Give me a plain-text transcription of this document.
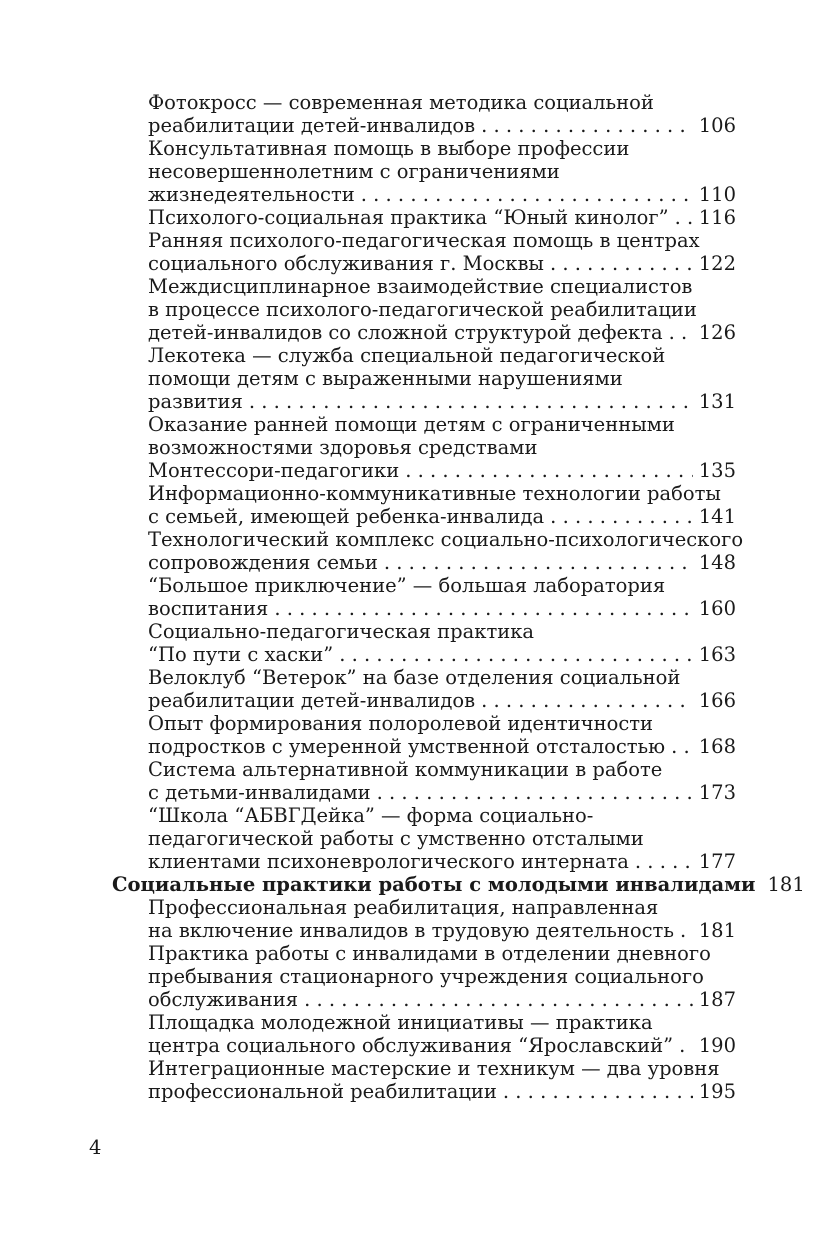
Фотокросс — современная методика социальной
реабилитации детей-инвалидов . . .	106
Консультативная помощь в выборе профессии
несовершеннолетним с ограничениями
жизнедеятельности . . .	110
Психолого-социальная практика “Юный кинолог” . . . 116
Ранняя психолого-педагогическая помощь в центрах
социального обслуживания г. Москвы . . .	122
Междисциплинарное взаимодействие специалистов
в процессе психолого-педагогической реабилитации
детей-инвалидов со сложной структурой дефекта . . . 126
Лекотека — служба специальной педагогической
помощи детям с выраженными нарушениями
развития . . .	131
Оказание ранней помощи детям с ограниченными
возможностями здоровья средствами
Монтессори-педагогики . . .	135
Информационно-коммуникативные технологии работы
с семьей, имеющей ребенка-инвалида . . .	141
Технологический комплекс социально-психологического
сопровождения семьи . . .	148
“Большое приключение” — большая лаборатория
воспитания . . .	160
Социально-педагогическая практика
“По пути с хаски” . . .	163
Велоклуб “Ветерок” на базе отделения социальной
реабилитации детей-инвалидов . . .	166
Опыт формирования полоролевой идентичности
подростков с умеренной умственной отсталостью . . . 168
Система альтернативной коммуникации в работе
с детьми-инвалидами . . .	173
“Школа “АБВГДейка” — форма социально-
педагогической работы с умственно отсталыми
клиентами психоневрологического интерната . . .	177
Социальные практики работы с молодыми инвалидами 181
Профессиональная реабилитация, направленная
на включение инвалидов в трудовую деятельность . . . 181
Практика работы с инвалидами в отделении дневного
пребывания стационарного учреждения социального
обслуживания . . .	187
Площадка молодежной инициативы — практика
центра социального обслуживания “Ярославский” . . . 190
Интеграционные мастерские и техникум — два уровня
профессиональной реабилитации . . .	195
4
